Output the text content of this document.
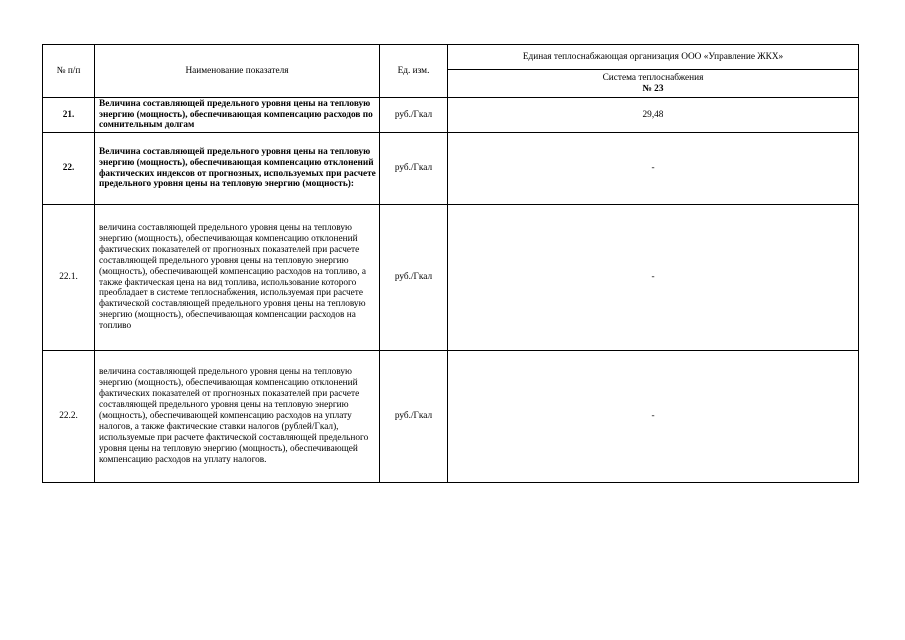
№ п/п	Наименование показателя	Ед. изм.	Единая теплоснабжающая организация ООО «Управление ЖКХ»

			Система теплоснабжения
№ 23

21.	Величина составляющей предельного уровня цены на тепловую энергию (мощность), обеспечивающая компенсацию расходов по сомнительным долгам	руб./Гкал	29,48
22.	Величина составляющей предельного уровня цены на тепловую энергию (мощность), обеспечивающая компенсацию отклонений фактических индексов от прогнозных, используемых при расчете предельного уровня цены на тепловую энергию (мощность):	руб./Гкал	-
22.1.	величина составляющей предельного уровня цены на тепловую энергию (мощность), обеспечивающая компенсацию отклонений фактических показателей от прогнозных показателей при расчете составляющей предельного уровня цены на тепловую энергию (мощность), обеспечивающей компенсацию расходов на топливо, а также фактическая цена на вид топлива, использование которого преобладает в системе теплоснабжения, используемая при расчете фактической составляющей предельного уровня цены на тепловую энергию (мощность), обеспечивающая компенсации расходов на топливо	руб./Гкал	-
22.2.	величина составляющей предельного уровня цены на тепловую энергию (мощность), обеспечивающая компенсацию отклонений фактических показателей от прогнозных показателей при расчете составляющей предельного уровня цены на тепловую энергию (мощность), обеспечивающей компенсацию расходов на уплату налогов, а также фактические ставки налогов (рублей/Гкал), используемые при расчете фактической составляющей предельного уровня цены на тепловую энергию (мощность), обеспечивающей компенсацию расходов на уплату налогов.	руб./Гкал	-
